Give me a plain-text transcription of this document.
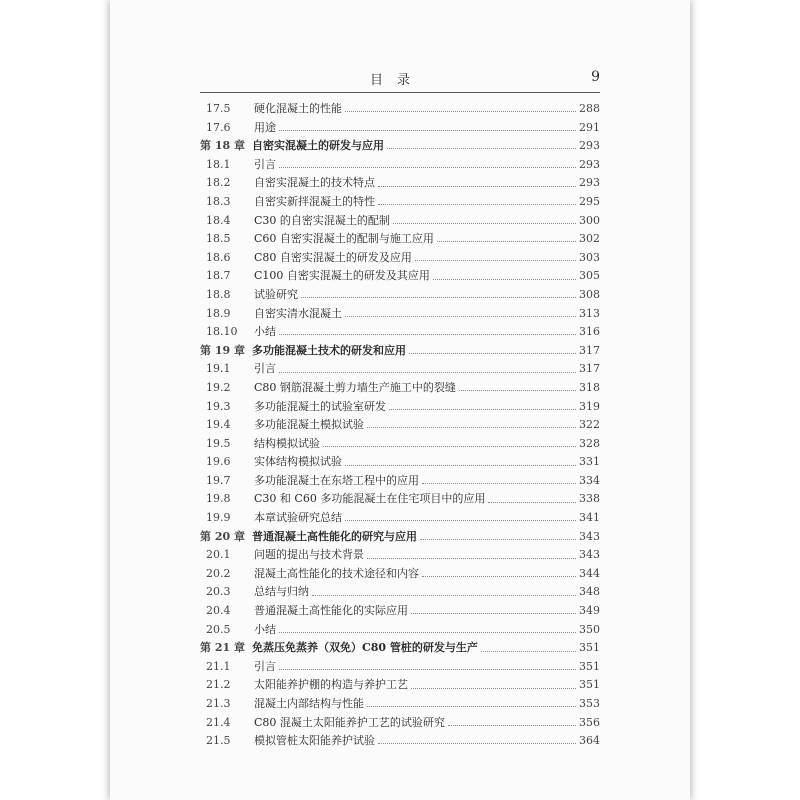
目录	9
17.5	硬化混凝土的性能	288
17.6	用途	291
第 18 章 自密实混凝土的研发与应用	293
18.1	引言	293
18.2	自密实混凝土的技术特点	293
18.3	自密实新拌混凝土的特性	295
18.4	C30 的自密实混凝土的配制	300
18.5	C60 自密实混凝土的配制与施工应用	302
18.6	C80 自密实混凝土的研发及应用	303
18.7	C100 自密实混凝土的研发及其应用	305
18.8	试验研究	308
18.9	自密实清水混凝土	313
18.10	小结	316
第 19 章 多功能混凝土技术的研发和应用	317
19.1	引言	317
19.2	C80 钢筋混凝土剪力墙生产施工中的裂缝	318
19.3	多功能混凝土的试验室研发	319
19.4	多功能混凝土模拟试验	322
19.5	结构模拟试验	328
19.6	实体结构模拟试验	331
19.7	多功能混凝土在东塔工程中的应用	334
19.8	C30 和 C60 多功能混凝土在住宅项目中的应用	338
19.9	本章试验研究总结	341
第 20 章 普通混凝土高性能化的研究与应用	343
20.1	问题的提出与技术背景	343
20.2	混凝土高性能化的技术途径和内容	344
20.3	总结与归纳	348
20.4	普通混凝土高性能化的实际应用	349
20.5	小结	350
第 21 章 免蒸压免蒸养（双免）C80 管桩的研发与生产	351
21.1	引言	351
21.2	太阳能养护棚的构造与养护工艺	351
21.3	混凝土内部结构与性能	353
21.4	C80 混凝土太阳能养护工艺的试验研究	356
21.5	模拟管桩太阳能养护试验	364
